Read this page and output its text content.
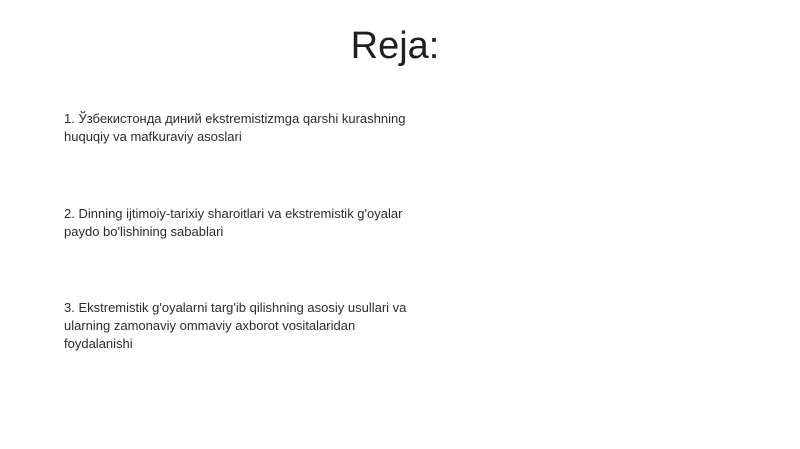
Reja:

1. Ўзбекистонда диний ekstremistizmga qarshi kurashning huquqiy va mafkuraviy asoslari

2. Dinning ijtimoiy-tarixiy sharoitlari va ekstremistik g'oyalar paydo bo'lishining sabablari

3. Ekstremistik g'oyalarni targ'ib qilishning asosiy usullari va ularning zamonaviy ommaviy axborot vositalaridan foydalanishi
